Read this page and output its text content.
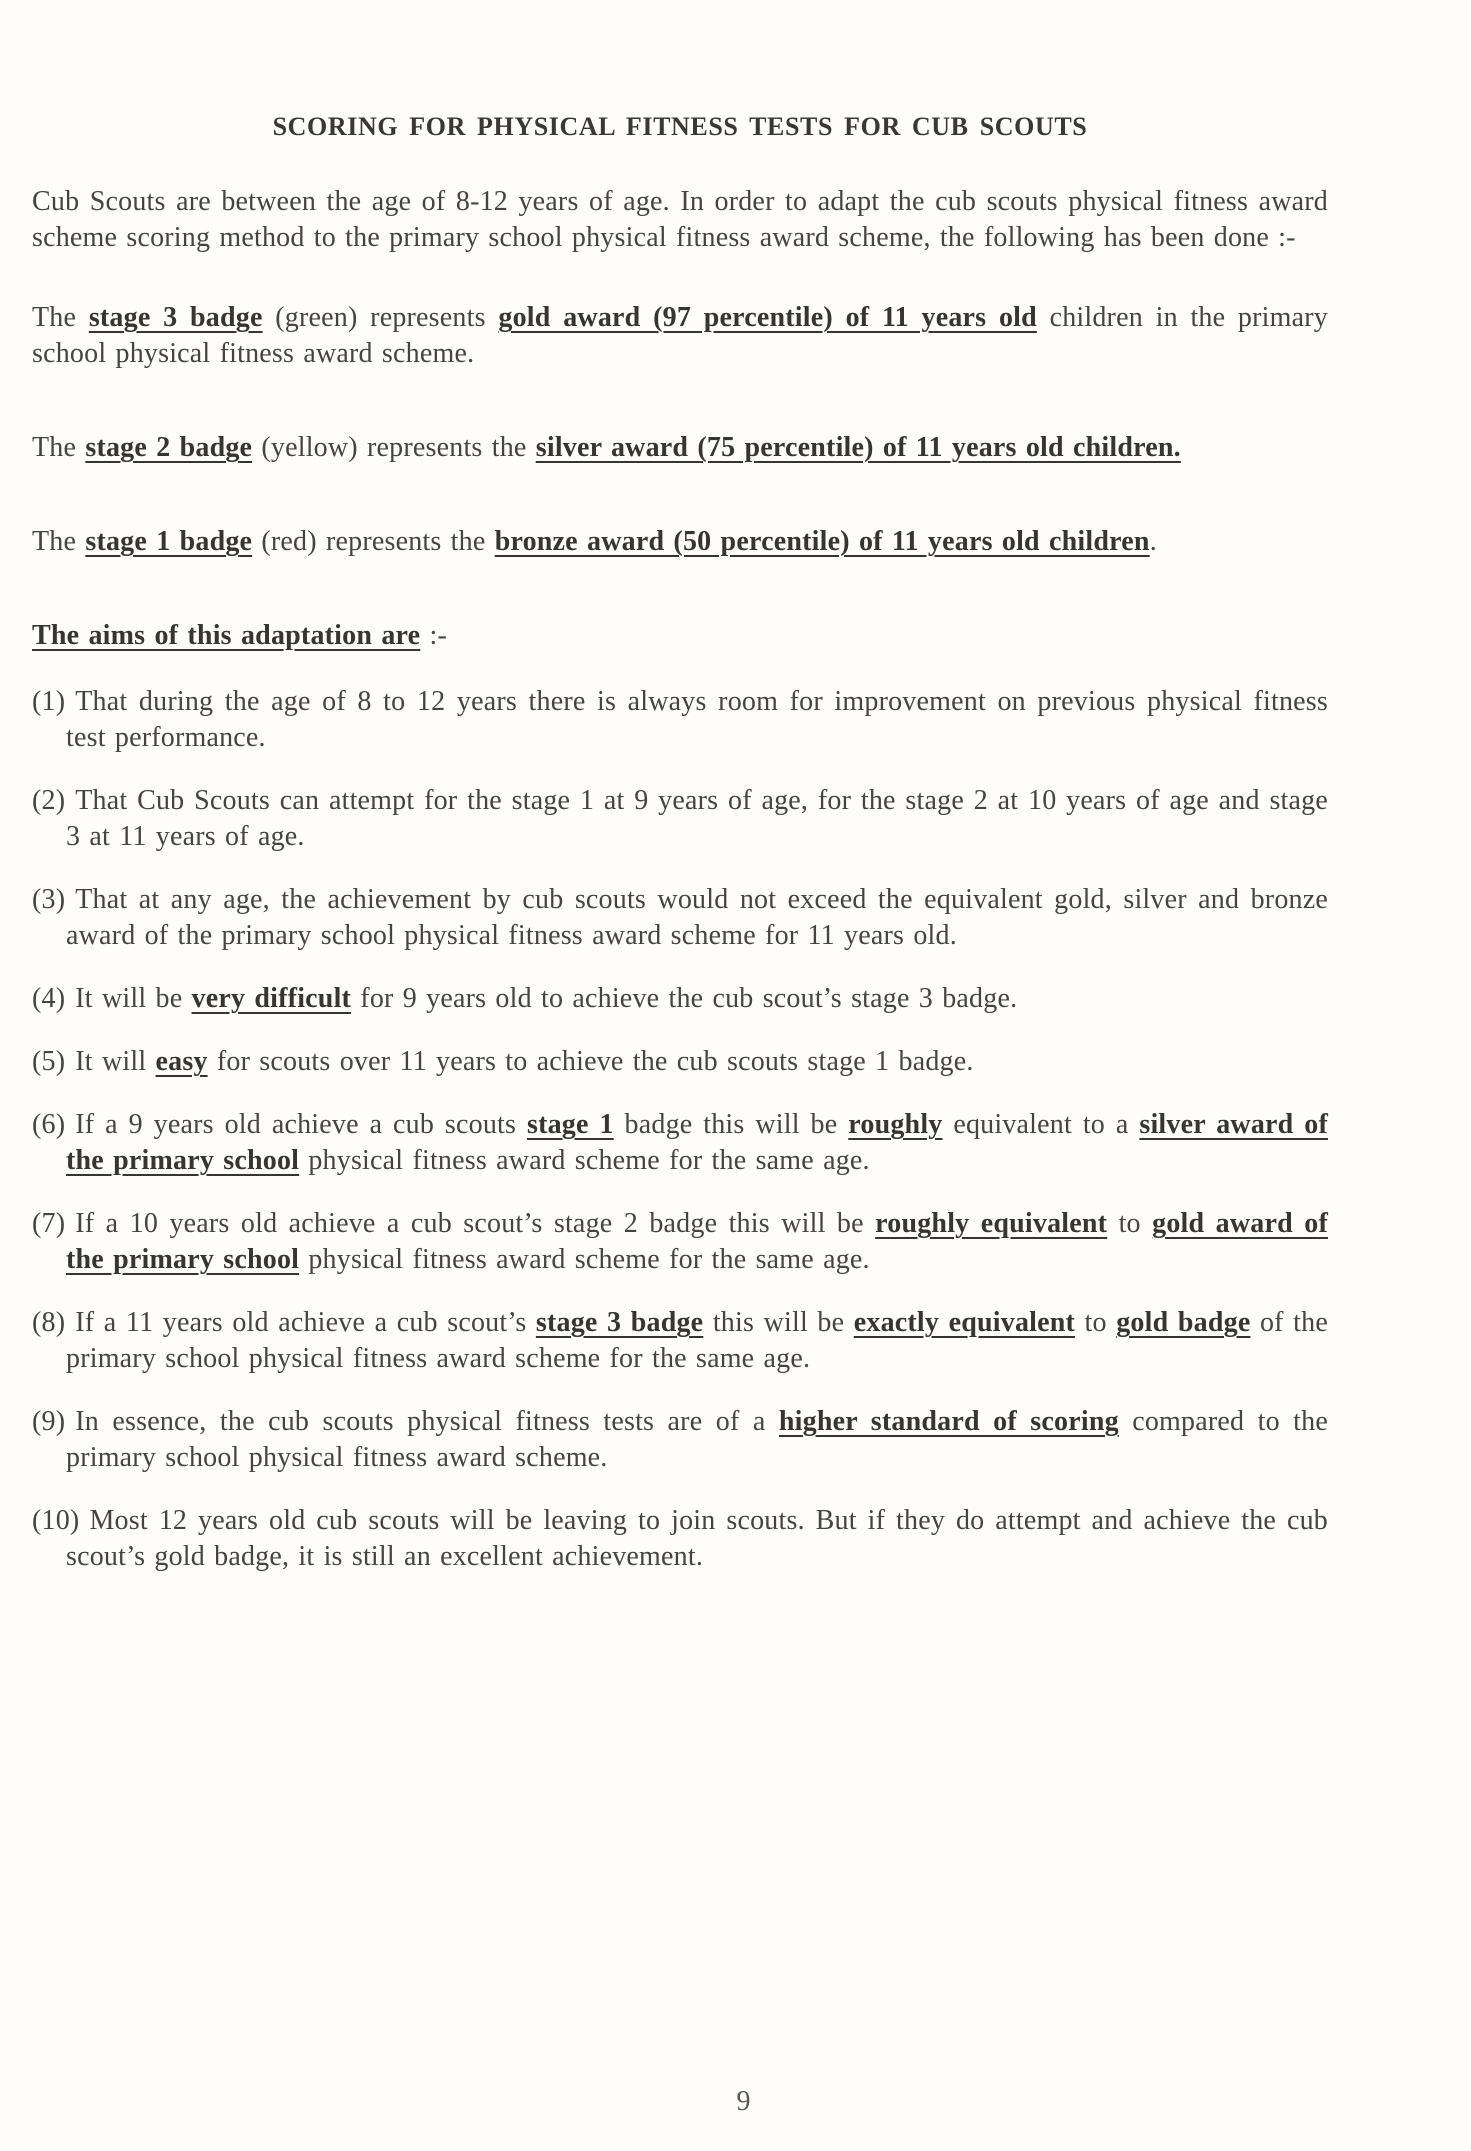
SCORING FOR PHYSICAL FITNESS TESTS FOR CUB SCOUTS

Cub Scouts are between the age of 8-12 years of age. In order to adapt the cub scouts physical fitness award scheme scoring method to the primary school physical fitness award scheme, the following has been done :-

The stage 3 badge (green) represents gold award (97 percentile) of 11 years old children in the primary school physical fitness award scheme.

The stage 2 badge (yellow) represents the silver award (75 percentile) of 11 years old children.

The stage 1 badge (red) represents the bronze award (50 percentile) of 11 years old children.

The aims of this adaptation are :-

(1) That during the age of 8 to 12 years there is always room for improvement on previous physical fitness test performance.
(2) That Cub Scouts can attempt for the stage 1 at 9 years of age, for the stage 2 at 10 years of age and stage 3 at 11 years of age.
(3) That at any age, the achievement by cub scouts would not exceed the equivalent gold, silver and bronze award of the primary school physical fitness award scheme for 11 years old.
(4) It will be very difficult for 9 years old to achieve the cub scout’s stage 3 badge.
(5) It will easy for scouts over 11 years to achieve the cub scouts stage 1 badge.
(6) If a 9 years old achieve a cub scouts stage 1 badge this will be roughly equivalent to a silver award of the primary school physical fitness award scheme for the same age.
(7) If a 10 years old achieve a cub scout’s stage 2 badge this will be roughly equivalent to gold award of the primary school physical fitness award scheme for the same age.
(8) If a 11 years old achieve a cub scout’s stage 3 badge this will be exactly equivalent to gold badge of the primary school physical fitness award scheme for the same age.
(9) In essence, the cub scouts physical fitness tests are of a higher standard of scoring compared to the primary school physical fitness award scheme.
(10) Most 12 years old cub scouts will be leaving to join scouts. But if they do attempt and achieve the cub scout’s gold badge, it is still an excellent achievement.
9
